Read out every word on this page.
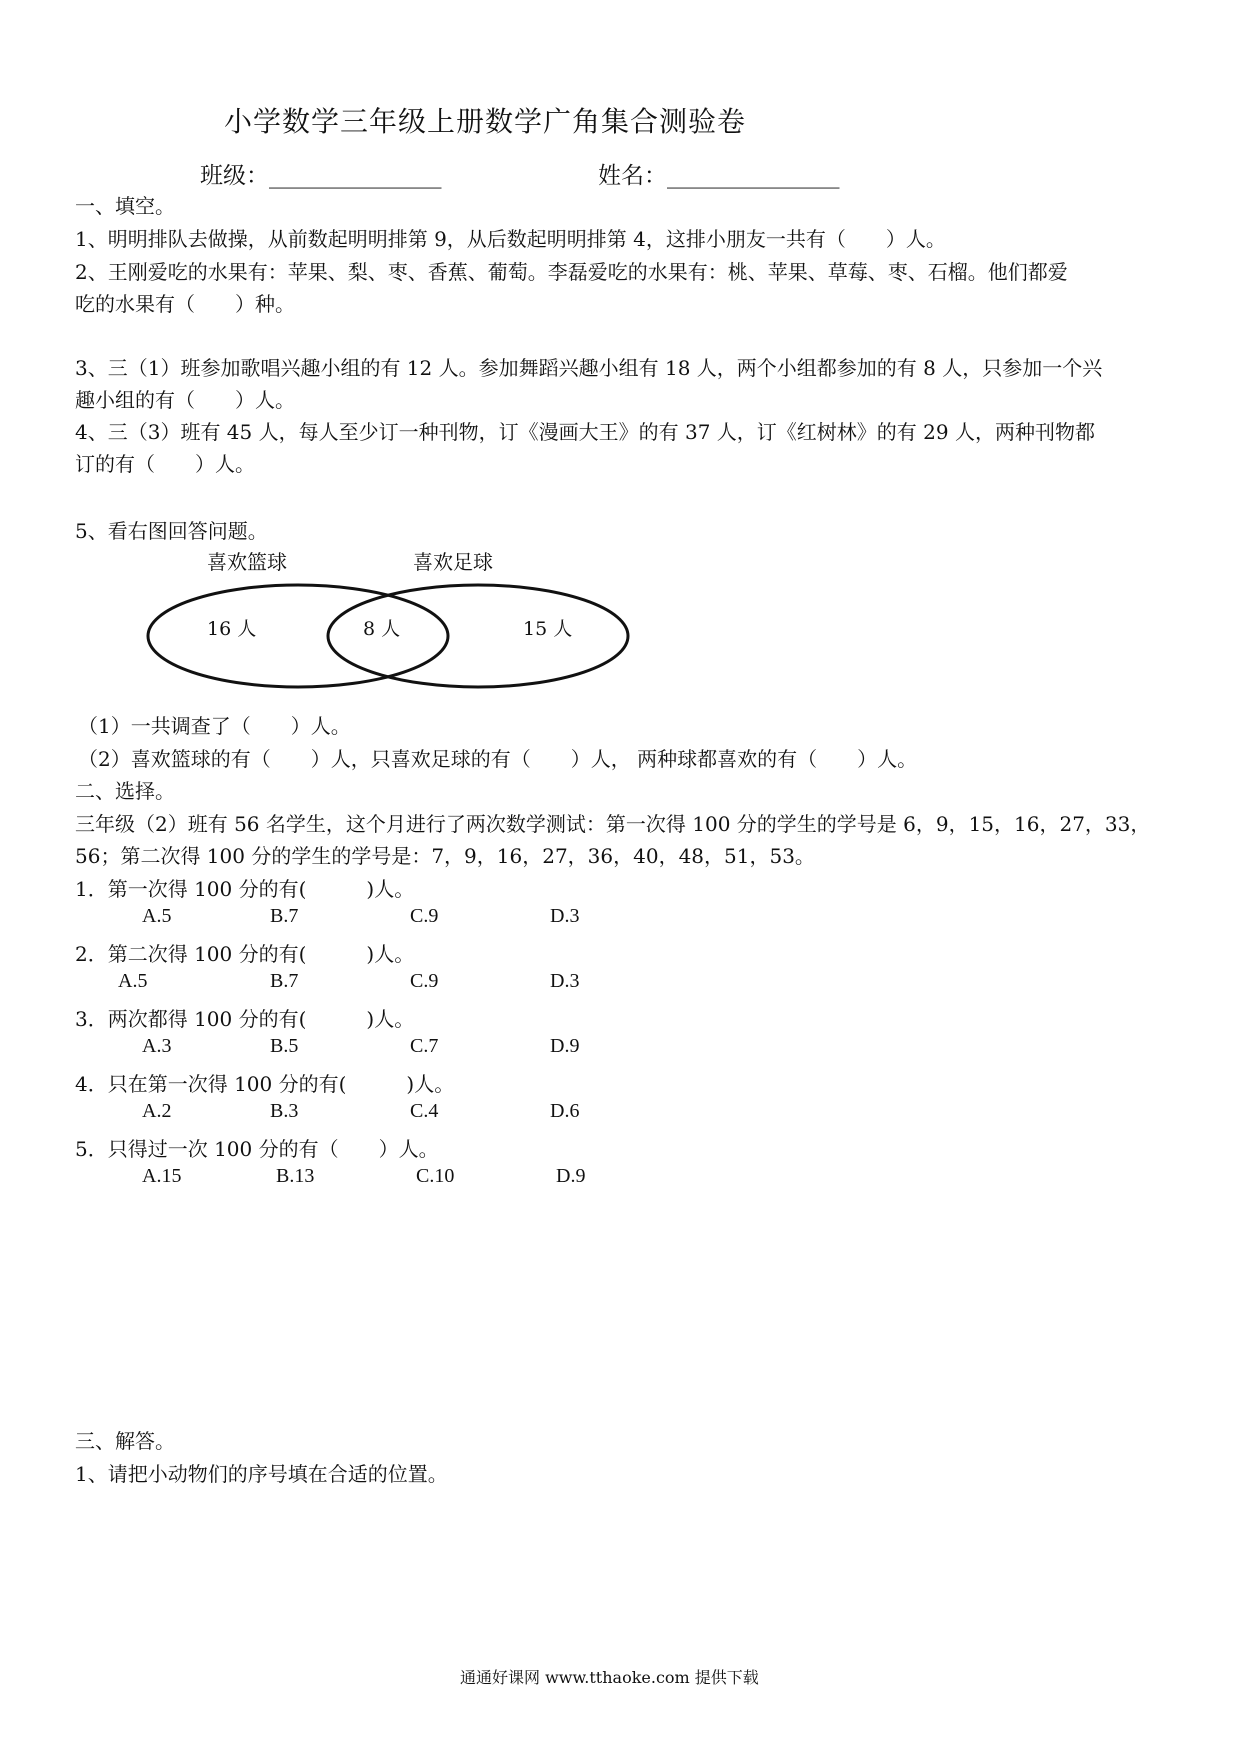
小学数学三年级上册数学广角集合测验卷
班级：_______________	姓名：_______________
一、填空。
1、明明排队去做操，从前数起明明排第 9，从后数起明明排第 4，这排小朋友一共有（　　）人。
2、王刚爱吃的水果有：苹果、梨、枣、香蕉、葡萄。李磊爱吃的水果有：桃、苹果、草莓、枣、石榴。他们都爱
吃的水果有（　　）种。
3、三（1）班参加歌唱兴趣小组的有 12 人。参加舞蹈兴趣小组有 18 人，两个小组都参加的有 8 人，只参加一个兴
趣小组的有（　　）人。
4、三（3）班有 45 人，每人至少订一种刊物，订《漫画大王》的有 37 人，订《红树林》的有 29 人，两种刊物都
订的有（　　）人。
5、看右图回答问题。
喜欢篮球	喜欢足球
16 人	8 人	15 人
（1）一共调查了（　　）人。
（2）喜欢篮球的有（　　）人，只喜欢足球的有（　　）人， 两种球都喜欢的有（　　）人。
二、选择。
三年级（2）班有 56 名学生，这个月进行了两次数学测试：第一次得 100 分的学生的学号是 6，9，15，16，27，33，
56；第二次得 100 分的学生的学号是：7，9，16，27，36，40，48，51，53。
1．第一次得 100 分的有(　　　)人。
A.5	B.7	C.9	D.3
2．第二次得 100 分的有(　　　)人。
A.5	B.7	C.9	D.3
3．两次都得 100 分的有(　　　)人。
A.3	B.5	C.7	D.9
4．只在第一次得 100 分的有(　　　)人。
A.2	B.3	C.4	D.6
5．只得过一次 100 分的有（　　）人。
A.15	B.13	C.10	D.9
三、解答。
1、请把小动物们的序号填在合适的位置。
通通好课网 www.tthaoke.com 提供下载
